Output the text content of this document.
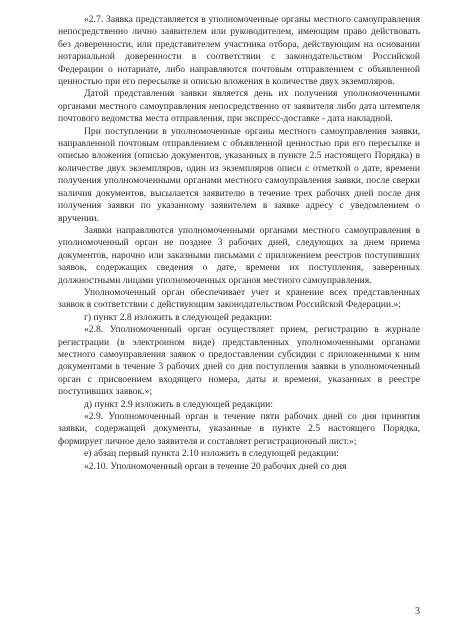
«2.7. Заявка представляется в уполномоченные органы местного самоуправления непосредственно лично заявителем или руководителем, имеющим право действовать без доверенности, или представителем участника отбора, действующим на основании нотариальной доверенности в соответствии с законодательством Российской Федерации о нотариате, либо направляются почтовым отправлением с объявленной ценностью при его пересылке и описью вложения в количестве двух экземпляров.

Датой представления заявки является день их получения уполномоченными органами местного самоуправления непосредственно от заявителя либо дата штемпеля почтового ведомства места отправления, при экспресс-доставке - дата накладной.

При поступлении в уполномоченные органы местного самоуправления заявки, направленной почтовым отправлением с объявленной ценностью при его пересылке и описью вложения (описью документов, указанных в пункте 2.5 настоящего Порядка) в количестве двух экземпляров, один из экземпляров описи с отметкой о дате, времени получения уполномоченными органами местного самоуправления заявки, после сверки наличия документов, высылается заявителю в течение трех рабочих дней после дня получения заявки по указанному заявителем в заявке адресу с уведомлением о вручении.

Заявки направляются уполномоченными органами местного самоуправления в уполномоченный орган не позднее 3 рабочих дней, следующих за днем приема документов, нарочно или заказными письмами с приложением реестров поступивших заявок, содержащих сведения о дате, времени их поступления, заверенных должностными лицами уполномоченных органов местного самоуправления.

Уполномоченный орган обеспечивает учет и хранение всех представленных заявок в соответствии с действующим законодательством Российской Федерации.»;

г) пункт 2.8 изложить в следующей редакции:

«2.8. Уполномоченный орган осуществляет прием, регистрацию в журнале регистрации (в электронном виде) представленных уполномоченными органами местного самоуправления заявок о предоставлении субсидии с приложенными к ним документами в течение 3 рабочих дней со дня поступления заявки в уполномоченный орган с присвоением входящего номера, даты и времени, указанных в реестре поступивших заявок.»;

д) пункт 2.9 изложить в следующей редакции:

«2.9. Уполномоченный орган в течение пяти рабочих дней со дня принятия заявки, содержащей документы, указанные в пункте 2.5 настоящего Порядка, формирует личное дело заявителя и составляет регистрационный лист.»;

е) абзац первый пункта 2.10 изложить в следующей редакции:

«2.10. Уполномоченный орган в течение 20 рабочих дней со дня

3
